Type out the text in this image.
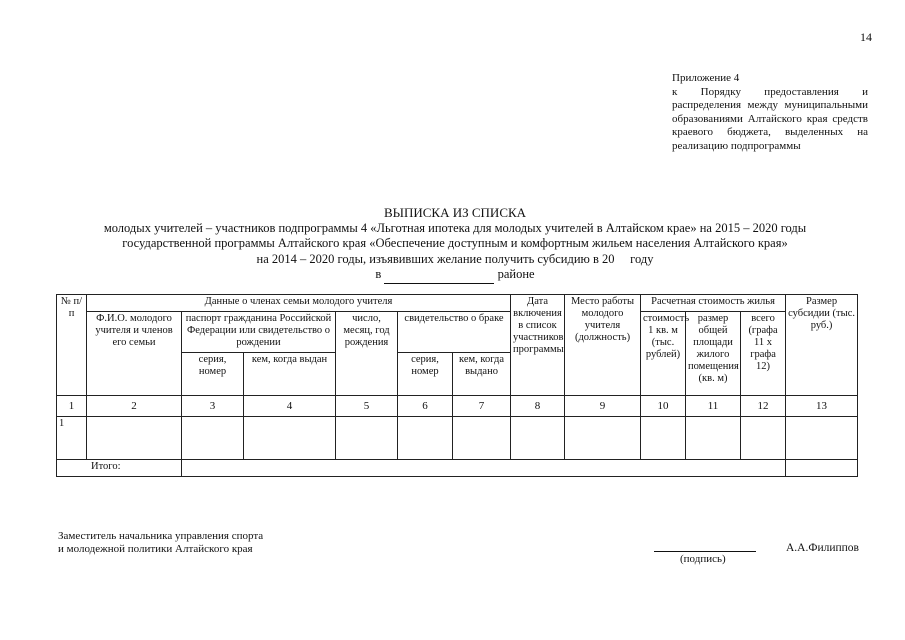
14
Приложение 4
к Порядку предоставления и распределения между муниципальными образованиями Алтайского края средств краевого бюджета, выделенных на реализацию подпрограммы
ВЫПИСКА ИЗ СПИСКА
молодых учителей – участников подпрограммы 4 «Льготная ипотека для молодых учителей в Алтайском крае» на 2015 – 2020 годы
государственной программы Алтайского края «Обеспечение доступным и комфортным жильем населения Алтайского края»
на 2014 – 2020 годы, изъявивших желание получить субсидию в 20 году
в	районе
№ п/п	Данные о членах семьи молодого учителя						Дата включения в список участников программы	Место работы молодого учителя (должность)	Расчетная стоимость жилья			Размер субсидии (тыс. руб.)
	Ф.И.О. молодого учителя и членов его семьи	паспорт гражданина Российской Федерации или свидетельство о рождении		число, месяц, год рождения	свидетельство о браке				стоимость 1 кв. м (тыс. рублей)	размер общей площади жилого помещения (кв. м)	всего (графа 11 x графа 12)	
		серия, номер	кем, когда выдан		серия, номер	кем, когда выдано						
1	2	3	4	5	6	7	8	9	10	11	12	13
1												
Итого:												
Заместитель начальника управления спорта
и молодежной политики Алтайского края
(подпись)
А.А.Филиппов
